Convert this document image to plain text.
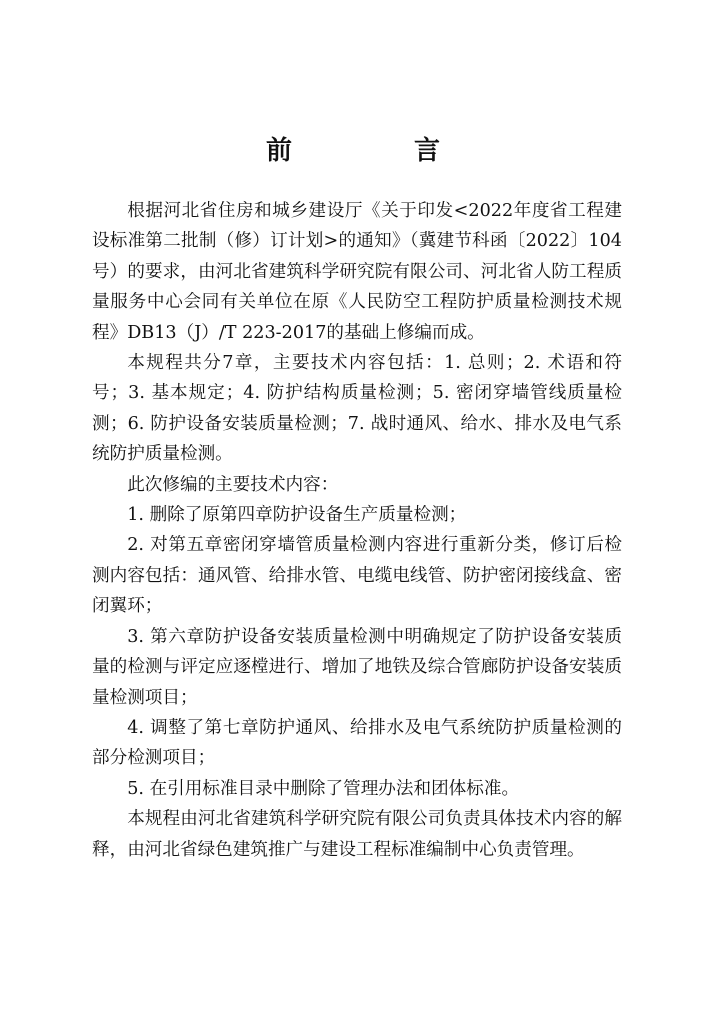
前　言

根据河北省住房和城乡建设厅《关于印发<2022年度省工程建设标准第二批制（修）订计划>的通知》（冀建节科函〔2022〕104号）的要求，由河北省建筑科学研究院有限公司、河北省人防工程质量服务中心会同有关单位在原《人民防空工程防护质量检测技术规程》DB13（J）/T 223-2017的基础上修编而成。

本规程共分7章，主要技术内容包括：1. 总则；2. 术语和符号；3. 基本规定；4. 防护结构质量检测；5. 密闭穿墙管线质量检测；6. 防护设备安装质量检测；7. 战时通风、给水、排水及电气系统防护质量检测。

此次修编的主要技术内容：

1. 删除了原第四章防护设备生产质量检测；

2. 对第五章密闭穿墙管质量检测内容进行重新分类，修订后检测内容包括：通风管、给排水管、电缆电线管、防护密闭接线盒、密闭翼环；

3. 第六章防护设备安装质量检测中明确规定了防护设备安装质量的检测与评定应逐樘进行、增加了地铁及综合管廊防护设备安装质量检测项目；

4. 调整了第七章防护通风、给排水及电气系统防护质量检测的部分检测项目；

5. 在引用标准目录中删除了管理办法和团体标准。

本规程由河北省建筑科学研究院有限公司负责具体技术内容的解释，由河北省绿色建筑推广与建设工程标准编制中心负责管理。
